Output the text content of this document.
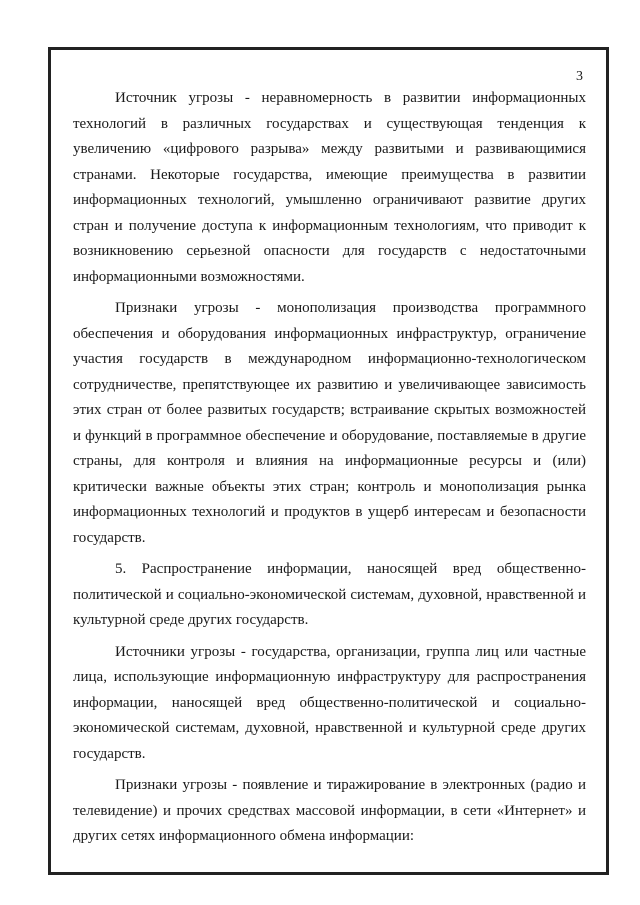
3

Источник угрозы - неравномерность в развитии информационных технологий в различных государствах и существующая тенденция к увеличению «цифрового разрыва» между развитыми и развивающимися странами. Некоторые государства, имеющие преимущества в развитии информационных технологий, умышленно ограничивают развитие других стран и получение доступа к информационным технологиям, что приводит к возникновению серьезной опасности для государств с недостаточными информационными возможностями.

Признаки угрозы - монополизация производства программного обеспечения и оборудования информационных инфраструктур, ограничение участия государств в международном информационно-технологическом сотрудничестве, препятствующее их развитию и увеличивающее зависимость этих стран от более развитых государств; встраивание скрытых возможностей и функций в программное обеспечение и оборудование, поставляемые в другие страны, для контроля и влияния на информационные ресурсы и (или) критически важные объекты этих стран; контроль и монополизация рынка информационных технологий и продуктов в ущерб интересам и безопасности государств.

5. Распространение информации, наносящей вред общественно-политической и социально-экономической системам, духовной, нравственной и культурной среде других государств.

Источники угрозы - государства, организации, группа лиц или частные лица, использующие информационную инфраструктуру для распространения информации, наносящей вред общественно-политической и социально-экономической системам, духовной, нравственной и культурной среде других государств.

Признаки угрозы - появление и тиражирование в электронных (радио и телевидение) и прочих средствах массовой информации, в сети «Интернет» и других сетях информационного обмена информации:
